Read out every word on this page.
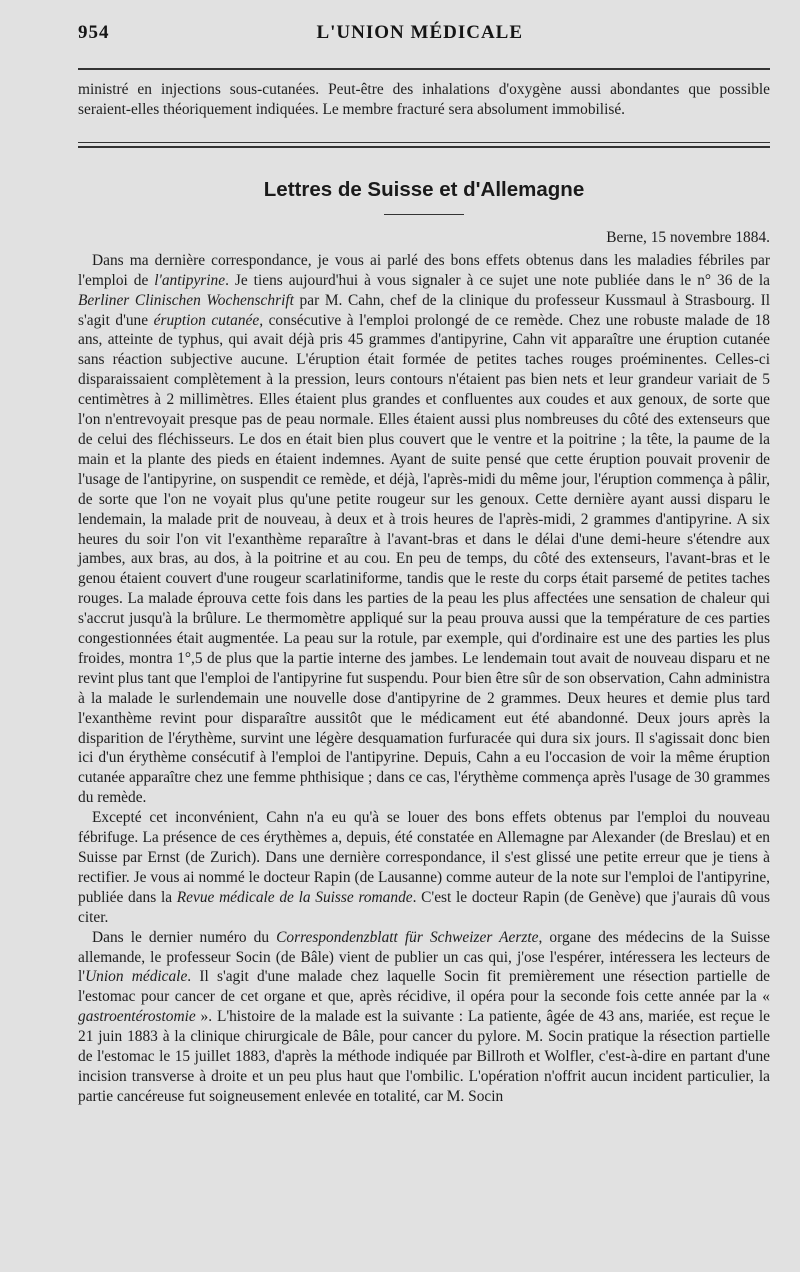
954	L'UNION MÉDICALE

ministré en injections sous-cutanées. Peut-être des inhalations d'oxygène aussi abondantes que possible seraient-elles théoriquement indiquées. Le membre fracturé sera absolument immobilisé.

Lettres de Suisse et d'Allemagne
Berne, 15 novembre 1884.

Dans ma dernière correspondance, je vous ai parlé des bons effets obtenus dans les maladies fébriles par l'emploi de l'antipyrine. Je tiens aujourd'hui à vous signaler à ce sujet une note publiée dans le n° 36 de la Berliner Clinischen Wochenschrift par M. Cahn, chef de la clinique du professeur Kussmaul à Strasbourg. Il s'agit d'une éruption cutanée, consécutive à l'emploi prolongé de ce remède. Chez une robuste malade de 18 ans, atteinte de typhus, qui avait déjà pris 45 grammes d'antipyrine, Cahn vit apparaître une éruption cutanée sans réaction subjective aucune. L'éruption était formée de petites taches rouges proéminentes. Celles-ci disparaissaient complètement à la pression, leurs contours n'étaient pas bien nets et leur grandeur variait de 5 centimètres à 2 millimètres. Elles étaient plus grandes et confluentes aux coudes et aux genoux, de sorte que l'on n'entrevoyait presque pas de peau normale. Elles étaient aussi plus nombreuses du côté des extenseurs que de celui des fléchisseurs. Le dos en était bien plus couvert que le ventre et la poitrine ; la tête, la paume de la main et la plante des pieds en étaient indemnes. Ayant de suite pensé que cette éruption pouvait provenir de l'usage de l'antipyrine, on suspendit ce remède, et déjà, l'après-midi du même jour, l'éruption commença à pâlir, de sorte que l'on ne voyait plus qu'une petite rougeur sur les genoux. Cette dernière ayant aussi disparu le lendemain, la malade prit de nouveau, à deux et à trois heures de l'après-midi, 2 grammes d'antipyrine. A six heures du soir l'on vit l'exanthème reparaître à l'avant-bras et dans le délai d'une demi-heure s'étendre aux jambes, aux bras, au dos, à la poitrine et au cou. En peu de temps, du côté des extenseurs, l'avant-bras et le genou étaient couvert d'une rougeur scarlatiniforme, tandis que le reste du corps était parsemé de petites taches rouges. La malade éprouva cette fois dans les parties de la peau les plus affectées une sensation de chaleur qui s'accrut jusqu'à la brûlure. Le thermomètre appliqué sur la peau prouva aussi que la température de ces parties congestionnées était augmentée. La peau sur la rotule, par exemple, qui d'ordinaire est une des parties les plus froides, montra 1°,5 de plus que la partie interne des jambes. Le lendemain tout avait de nouveau disparu et ne revint plus tant que l'emploi de l'antipyrine fut suspendu. Pour bien être sûr de son observation, Cahn administra à la malade le surlendemain une nouvelle dose d'antipyrine de 2 grammes. Deux heures et demie plus tard l'exanthème revint pour disparaître aussitôt que le médicament eut été abandonné. Deux jours après la disparition de l'érythème, survint une légère desquamation furfuracée qui dura six jours. Il s'agissait donc bien ici d'un érythème consécutif à l'emploi de l'antipyrine. Depuis, Cahn a eu l'occasion de voir la même éruption cutanée apparaître chez une femme phthisique ; dans ce cas, l'érythème commença après l'usage de 30 grammes du remède.

Excepté cet inconvénient, Cahn n'a eu qu'à se louer des bons effets obtenus par l'emploi du nouveau fébrifuge. La présence de ces érythèmes a, depuis, été constatée en Allemagne par Alexander (de Breslau) et en Suisse par Ernst (de Zurich). Dans une dernière correspondance, il s'est glissé une petite erreur que je tiens à rectifier. Je vous ai nommé le docteur Rapin (de Lausanne) comme auteur de la note sur l'emploi de l'antipyrine, publiée dans la Revue médicale de la Suisse romande. C'est le docteur Rapin (de Genève) que j'aurais dû vous citer.

Dans le dernier numéro du Correspondenzblatt für Schweizer Aerzte, organe des médecins de la Suisse allemande, le professeur Socin (de Bâle) vient de publier un cas qui, j'ose l'espérer, intéressera les lecteurs de l'Union médicale. Il s'agit d'une malade chez laquelle Socin fit premièrement une résection partielle de l'estomac pour cancer de cet organe et que, après récidive, il opéra pour la seconde fois cette année par la « gastroentérostomie ». L'histoire de la malade est la suivante : La patiente, âgée de 43 ans, mariée, est reçue le 21 juin 1883 à la clinique chirurgicale de Bâle, pour cancer du pylore. M. Socin pratique la résection partielle de l'estomac le 15 juillet 1883, d'après la méthode indiquée par Billroth et Wolfler, c'est-à-dire en partant d'une incision transverse à droite et un peu plus haut que l'ombilic. L'opération n'offrit aucun incident particulier, la partie cancéreuse fut soigneusement enlevée en totalité, car M. Socin
